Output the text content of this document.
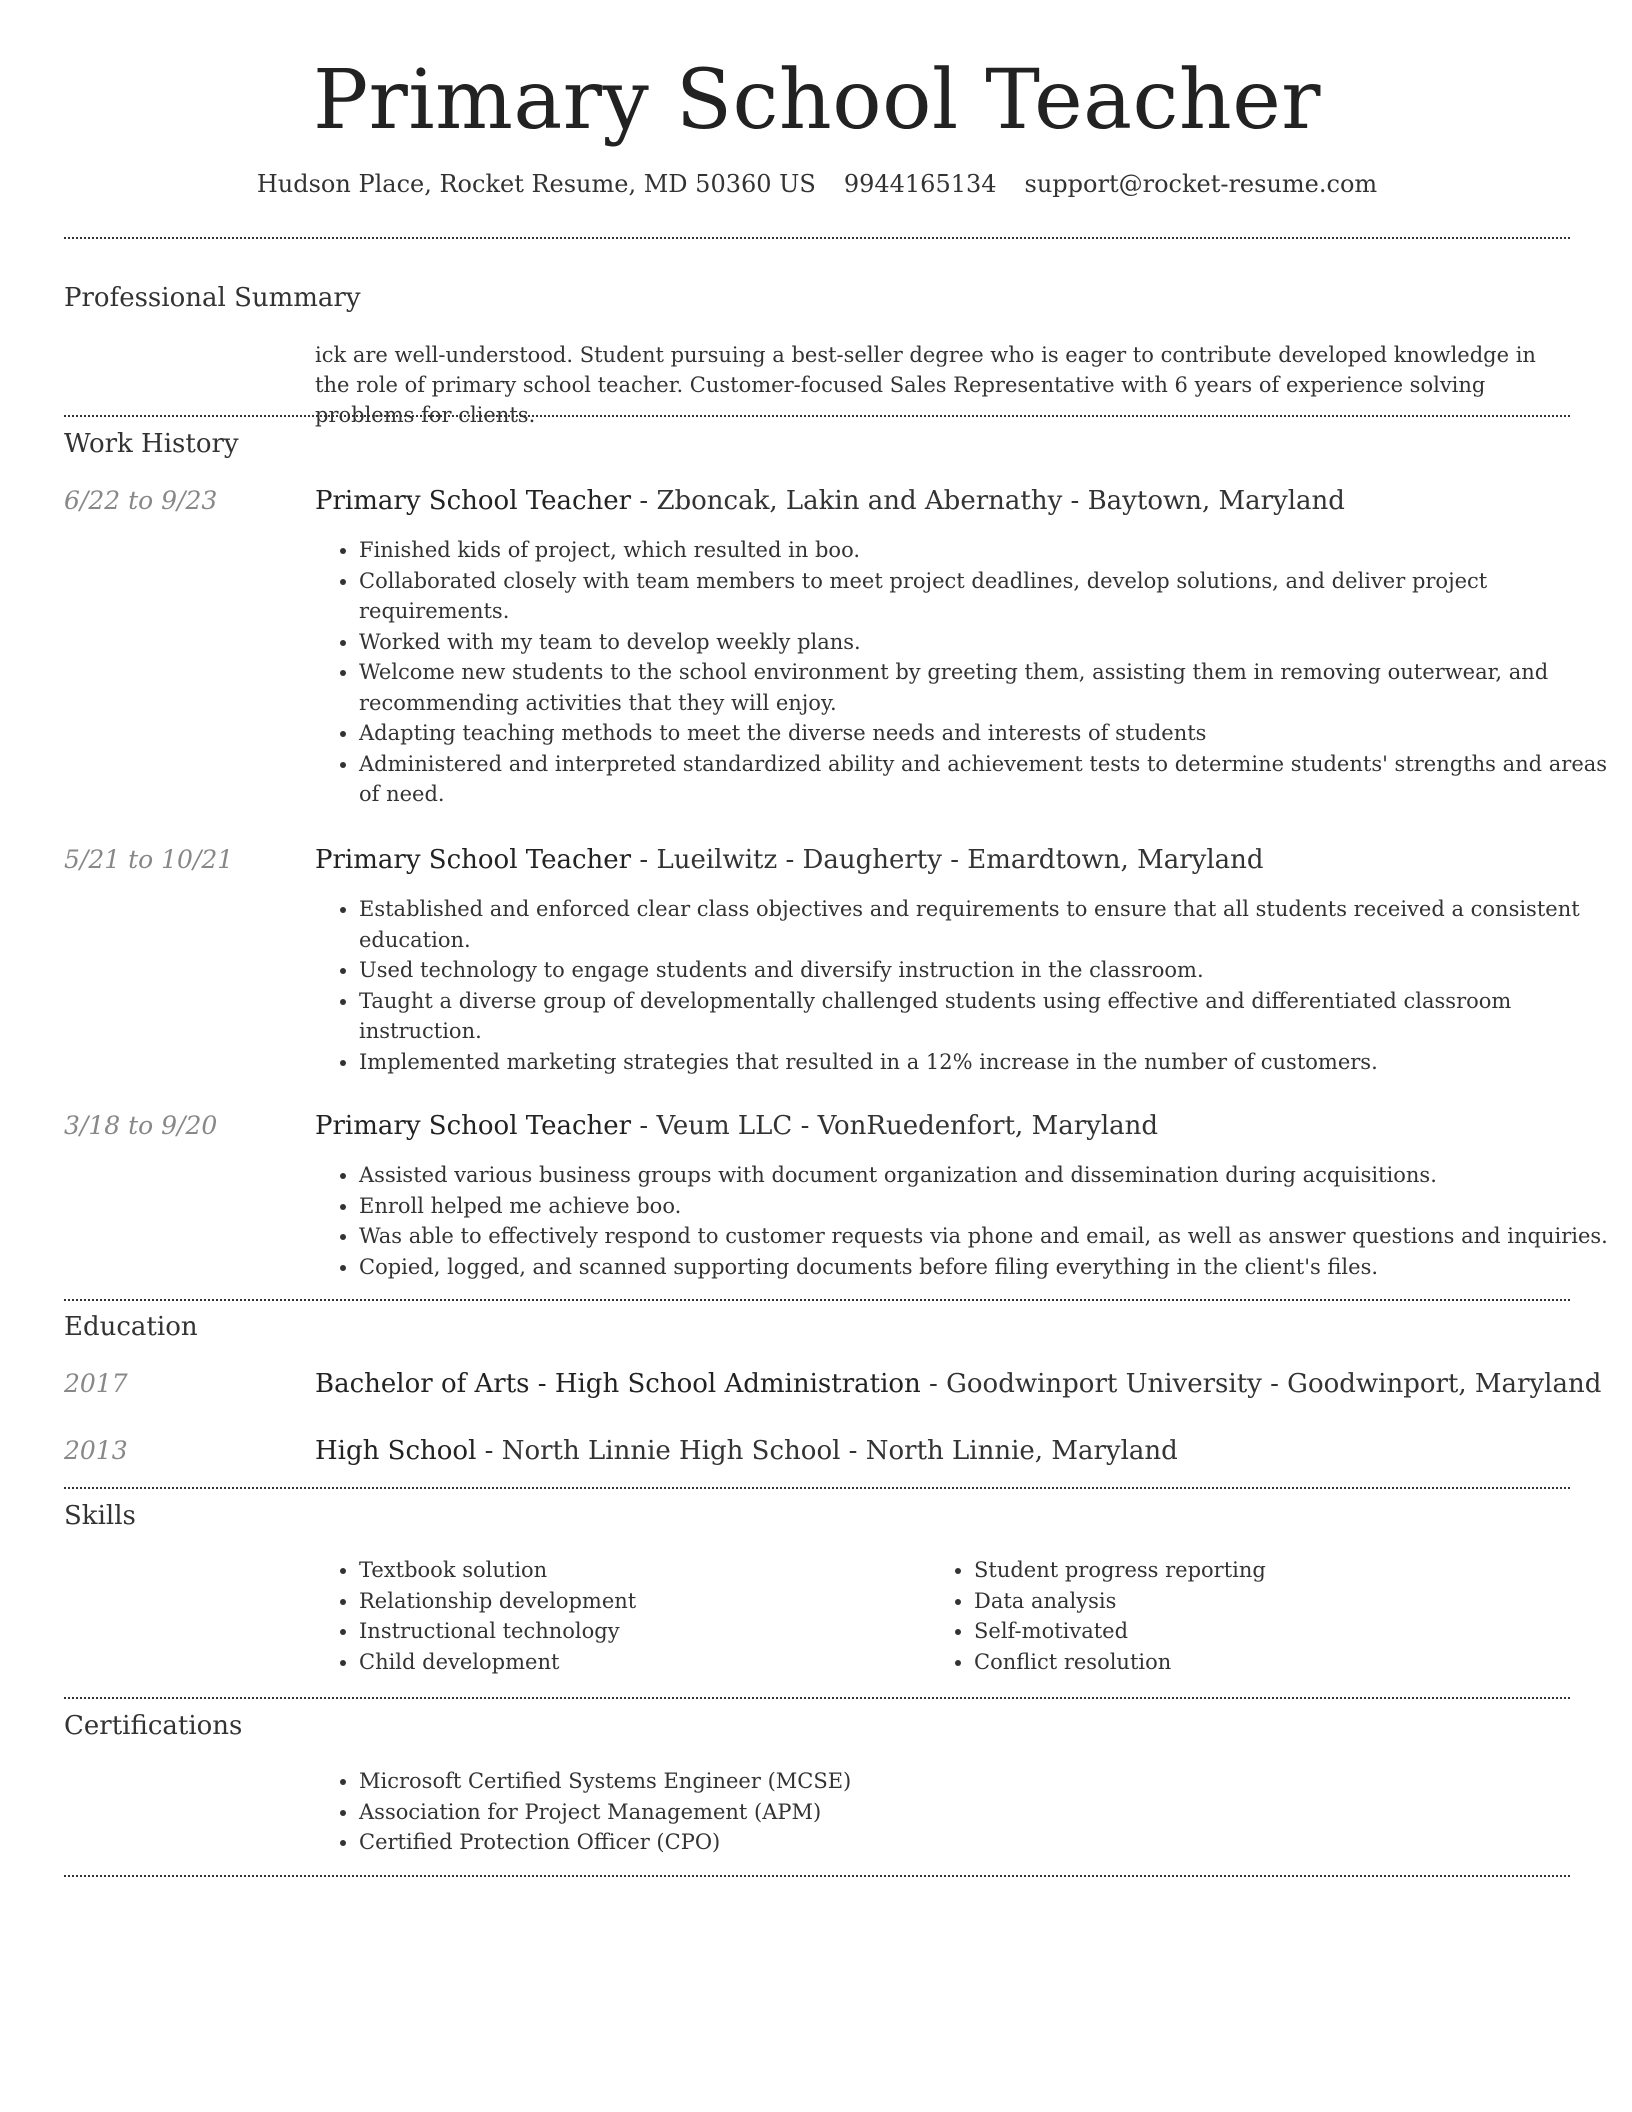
Primary School Teacher
Hudson Place, Rocket Resume, MD 50360 US 9944165134 support@rocket-resume.com
Professional Summary
ick are well-understood. Student pursuing a best-seller degree who is eager to contribute developed knowledge in the role of primary school teacher. Customer-focused Sales Representative with 6 years of experience solving problems for clients.
Work History
6/22 to 9/23	Primary School Teacher - Zboncak, Lakin and Abernathy - Baytown, Maryland
• Finished kids of project, which resulted in boo.
• Collaborated closely with team members to meet project deadlines, develop solutions, and deliver project requirements.
• Worked with my team to develop weekly plans.
• Welcome new students to the school environment by greeting them, assisting them in removing outerwear, and recommending activities that they will enjoy.
• Adapting teaching methods to meet the diverse needs and interests of students
• Administered and interpreted standardized ability and achievement tests to determine students' strengths and areas of need.
5/21 to 10/21	Primary School Teacher - Lueilwitz - Daugherty - Emardtown, Maryland
• Established and enforced clear class objectives and requirements to ensure that all students received a consistent education.
• Used technology to engage students and diversify instruction in the classroom.
• Taught a diverse group of developmentally challenged students using effective and differentiated classroom instruction.
• Implemented marketing strategies that resulted in a 12% increase in the number of customers.
3/18 to 9/20	Primary School Teacher - Veum LLC - VonRuedenfort, Maryland
• Assisted various business groups with document organization and dissemination during acquisitions.
• Enroll helped me achieve boo.
• Was able to effectively respond to customer requests via phone and email, as well as answer questions and inquiries.
• Copied, logged, and scanned supporting documents before filing everything in the client's files.
Education
2017	Bachelor of Arts - High School Administration - Goodwinport University - Goodwinport, Maryland
2013	High School - North Linnie High School - North Linnie, Maryland
Skills
• Textbook solution
• Relationship development
• Instructional technology
• Child development
• Student progress reporting
• Data analysis
• Self-motivated
• Conflict resolution
Certifications
• Microsoft Certified Systems Engineer (MCSE)
• Association for Project Management (APM)
• Certified Protection Officer (CPO)
